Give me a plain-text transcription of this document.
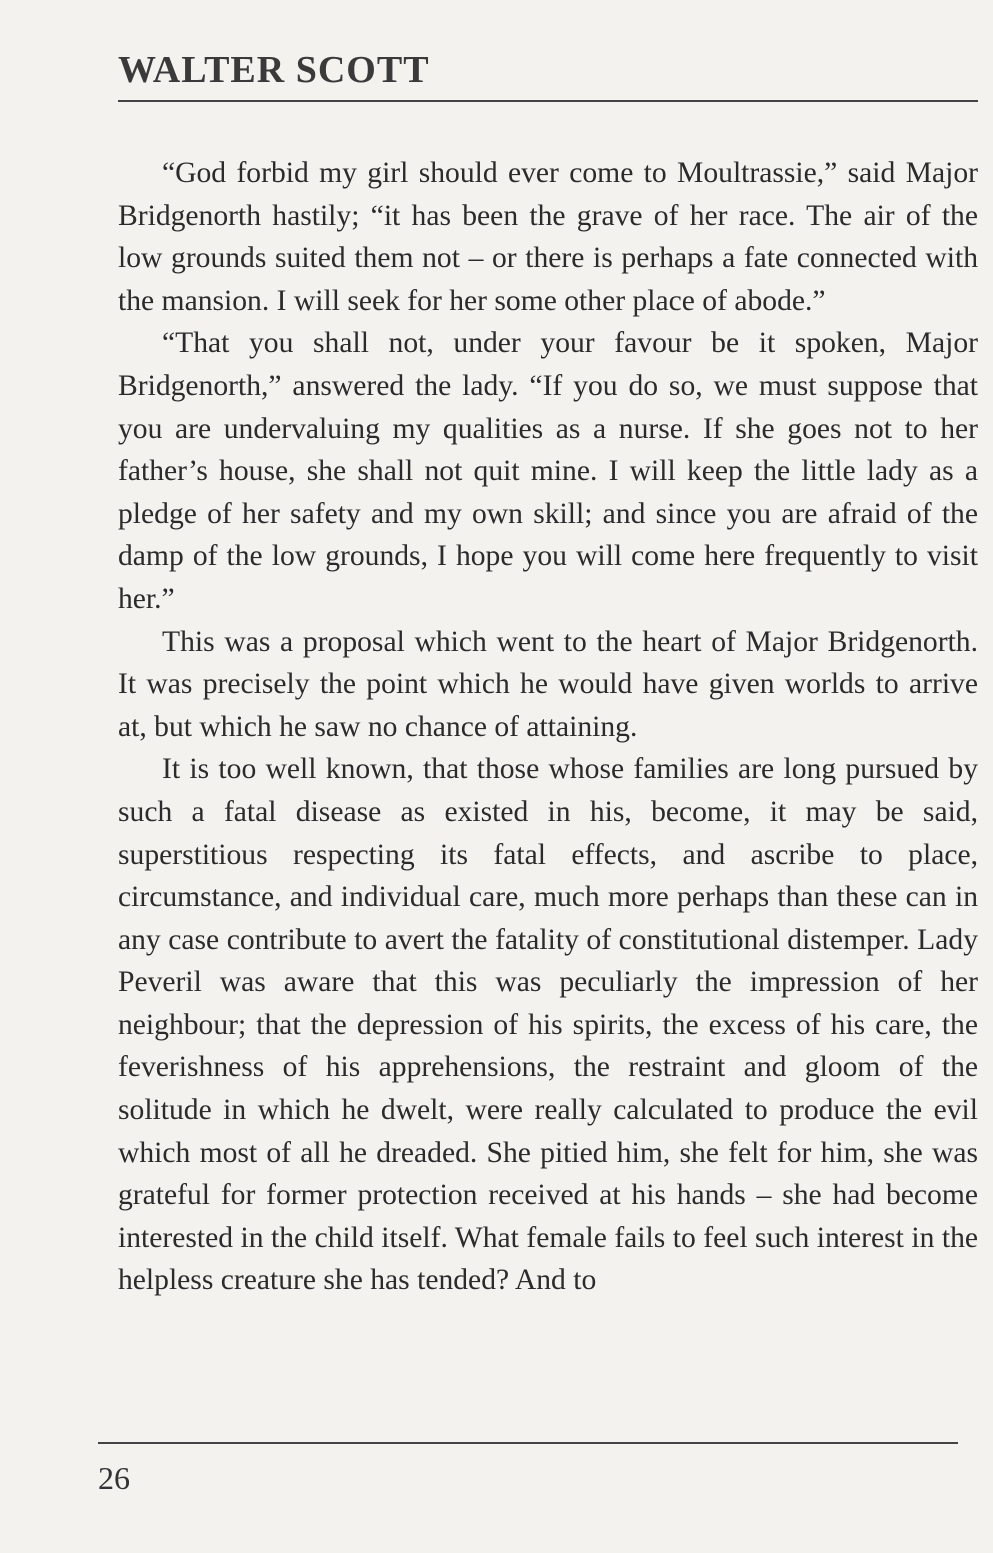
WALTER SCOTT

“God forbid my girl should ever come to Moultrassie,” said Major Bridgenorth hastily; “it has been the grave of her race. The air of the low grounds suited them not – or there is perhaps a fate connected with the mansion. I will seek for her some other place of abode.”

“That you shall not, under your favour be it spoken, Major Bridgenorth,” answered the lady. “If you do so, we must suppose that you are undervaluing my qualities as a nurse. If she goes not to her father’s house, she shall not quit mine. I will keep the little lady as a pledge of her safety and my own skill; and since you are afraid of the damp of the low grounds, I hope you will come here frequently to visit her.”

This was a proposal which went to the heart of Major Bridgenorth. It was precisely the point which he would have given worlds to arrive at, but which he saw no chance of attaining.

It is too well known, that those whose families are long pursued by such a fatal disease as existed in his, become, it may be said, superstitious respecting its fatal effects, and ascribe to place, circumstance, and individual care, much more perhaps than these can in any case contribute to avert the fatality of constitutional distemper. Lady Peveril was aware that this was peculiarly the impression of her neighbour; that the depression of his spirits, the excess of his care, the feverishness of his apprehensions, the restraint and gloom of the solitude in which he dwelt, were really calculated to produce the evil which most of all he dreaded. She pitied him, she felt for him, she was grateful for former protection received at his hands – she had become interested in the child itself. What female fails to feel such interest in the helpless creature she has tended? And to

26
